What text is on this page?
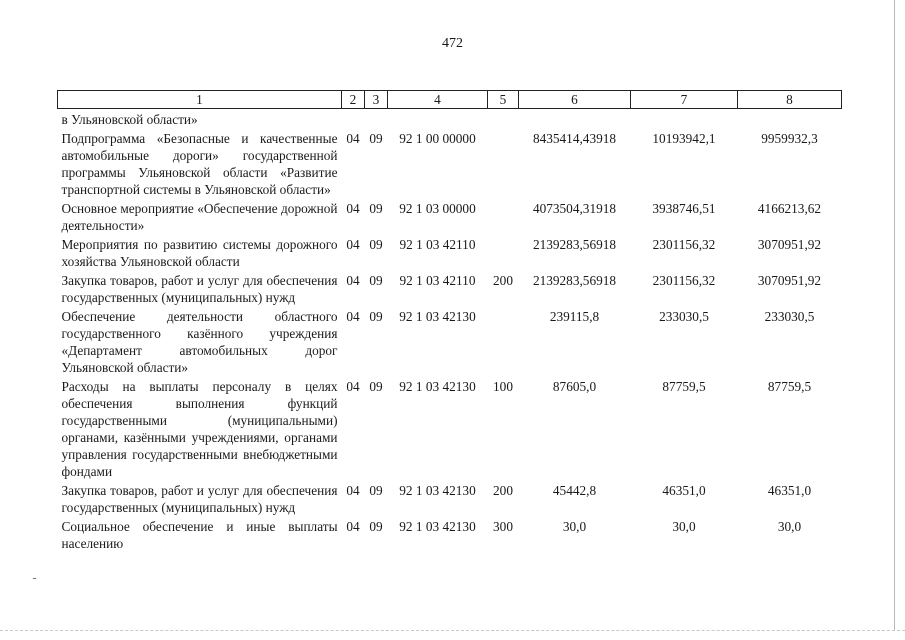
472
1	2	3	4	5	6	7	8
в Ульяновской области»							
Подпрограмма «Безопасные и качественные автомобильные дороги» государственной программы Ульяновской области «Развитие транспортной системы в Ульяновской области»	04	09	92 1 00 00000		8435414,43918	10193942,1	9959932,3
Основное мероприятие «Обеспечение дорожной деятельности»	04	09	92 1 03 00000		4073504,31918	3938746,51	4166213,62
Мероприятия по развитию системы дорожного хозяйства Ульяновской области	04	09	92 1 03 42110		2139283,56918	2301156,32	3070951,92
Закупка товаров, работ и услуг для обеспечения государственных (муниципальных) нужд	04	09	92 1 03 42110	200	2139283,56918	2301156,32	3070951,92
Обеспечение деятельности областного государственного казённого учреждения «Департамент автомобильных дорог Ульяновской области»	04	09	92 1 03 42130		239115,8	233030,5	233030,5
Расходы на выплаты персоналу в целях обеспечения выполнения функций государственными (муниципальными) органами, казёнными учреждениями, органами управления государственными внебюджетными фондами	04	09	92 1 03 42130	100	87605,0	87759,5	87759,5
Закупка товаров, работ и услуг для обеспечения государственных (муниципальных) нужд	04	09	92 1 03 42130	200	45442,8	46351,0	46351,0
Социальное обеспечение и иные выплаты населению	04	09	92 1 03 42130	300	30,0	30,0	30,0
ـ
